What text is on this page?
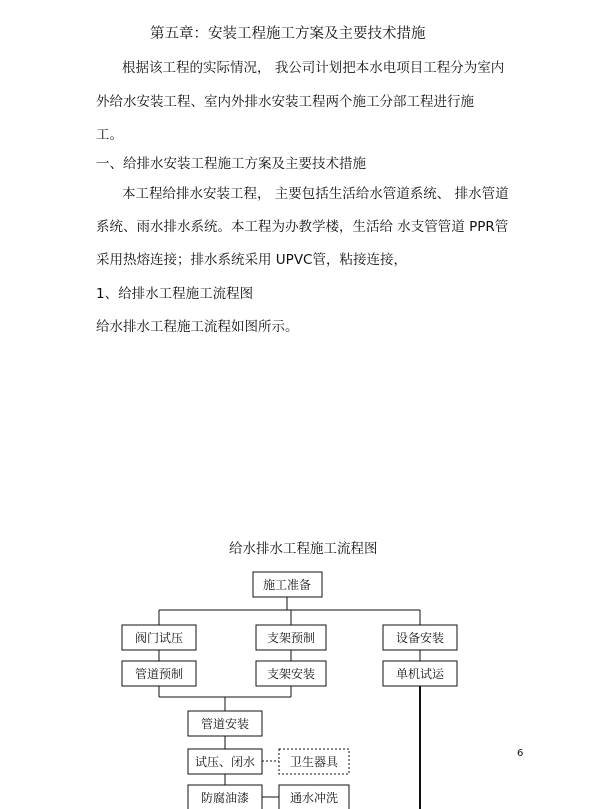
第五章：安装工程施工方案及主要技术措施

根据该工程的实际情况， 我公司计划把本水电项目工程分为室内

外给水安装工程、室内外排水安装工程两个施工分部工程进行施

工。

一、给排水安装工程施工方案及主要技术措施

本工程给排水安装工程， 主要包括生活给水管道系统、 排水管道

系统、雨水排水系统。本工程为办教学楼，生活给 水支管管道 PPR管

采用热熔连接；排水系统采用 UPVC管，粘接连接，

1、给排水工程施工流程图

给水排水工程施工流程如图所示。

给水排水工程施工流程图

施工准备
阀门试压	支架预制	设备安装
管道预制	支架安装	单机试运
管道安装
试压、闭水	卫生器具
防腐油漆	通水冲洗

6
